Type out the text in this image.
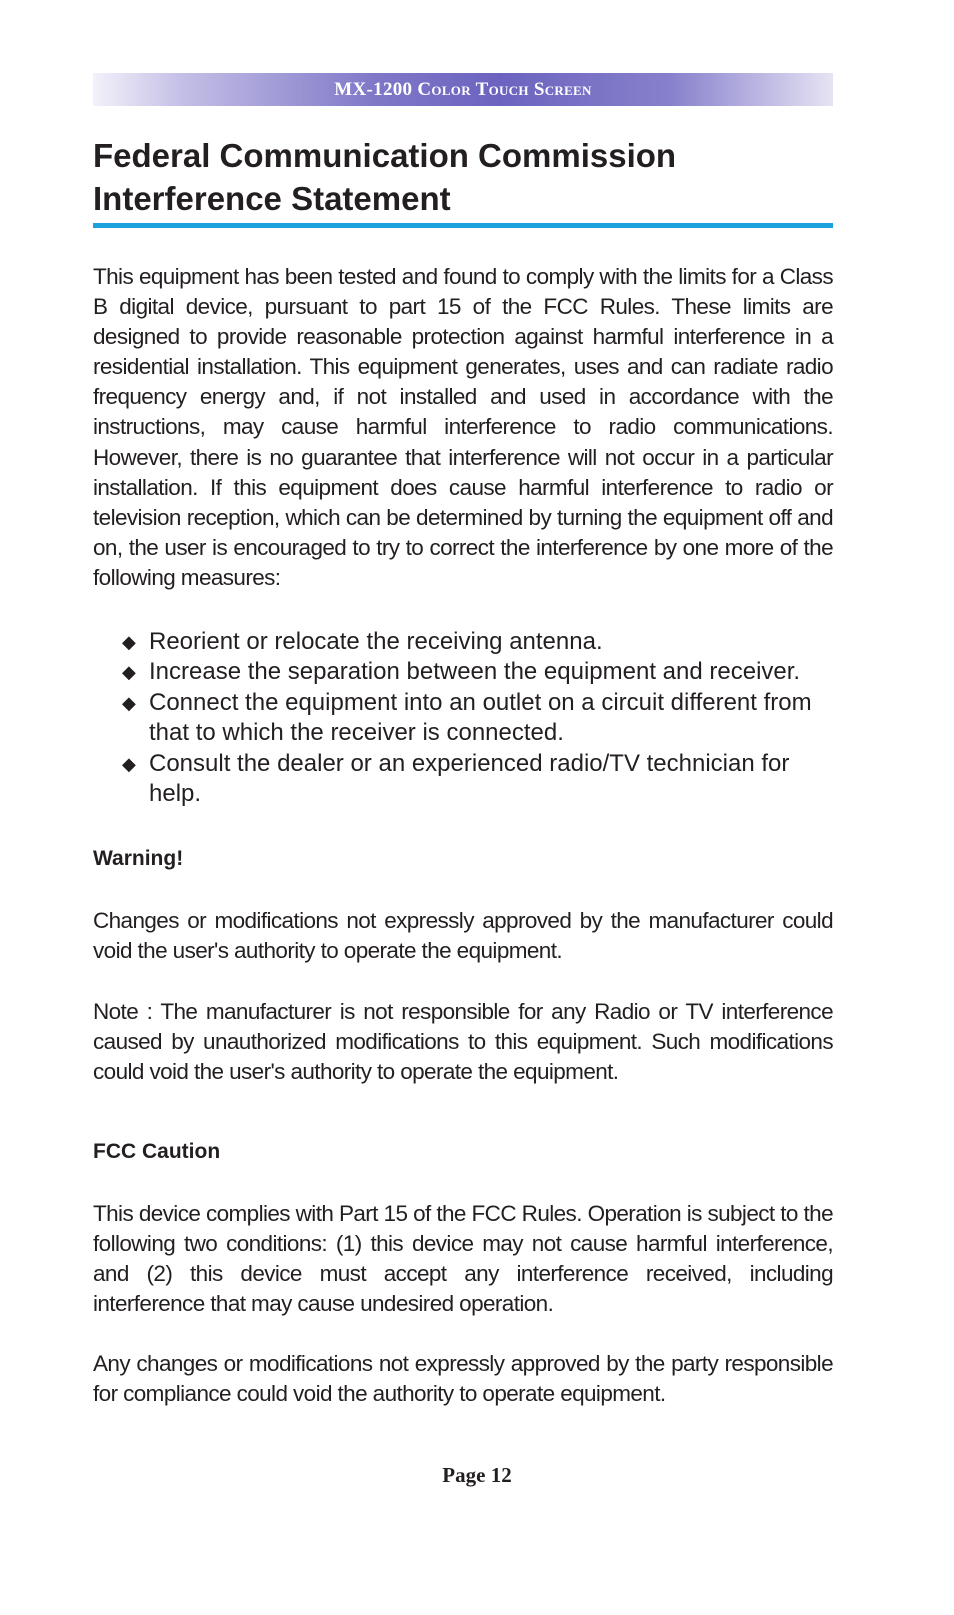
MX-1200 Color Touch Screen
Federal Communication Commission
Interference Statement

This equipment has been tested and found to comply with the limits for a Class B digital device, pursuant to part 15 of the FCC Rules. These limits are designed to provide reasonable protection against harmful interference in a residential installation. This equipment generates, uses and can radiate radio frequency energy and, if not installed and used in accordance with the instructions, may cause harmful interference to radio communications. However, there is no guarantee that interference will not occur in a particular installation. If this equipment does cause harmful interference to radio or television reception, which can be determined by turning the equipment off and on, the user is encouraged to try to correct the interference by one more of the following measures:

◆ Reorient or relocate the receiving antenna.
◆ Increase the separation between the equipment and receiver.
◆ Connect the equipment into an outlet on a circuit different from that to which the receiver is connected.
◆ Consult the dealer or an experienced radio/TV technician for help.
Warning!

Changes or modifications not expressly approved by the manufacturer could void the user's authority to operate the equipment.

Note : The manufacturer is not responsible for any Radio or TV interference caused by unauthorized modifications to this equipment. Such modifications could void the user's authority to operate the equipment.

FCC Caution

This device complies with Part 15 of the FCC Rules. Operation is subject to the following two conditions: (1) this device may not cause harmful interference, and (2) this device must accept any interference received, including interference that may cause undesired operation.

Any changes or modifications not expressly approved by the party responsible for compliance could void the authority to operate equipment.

Page 12
